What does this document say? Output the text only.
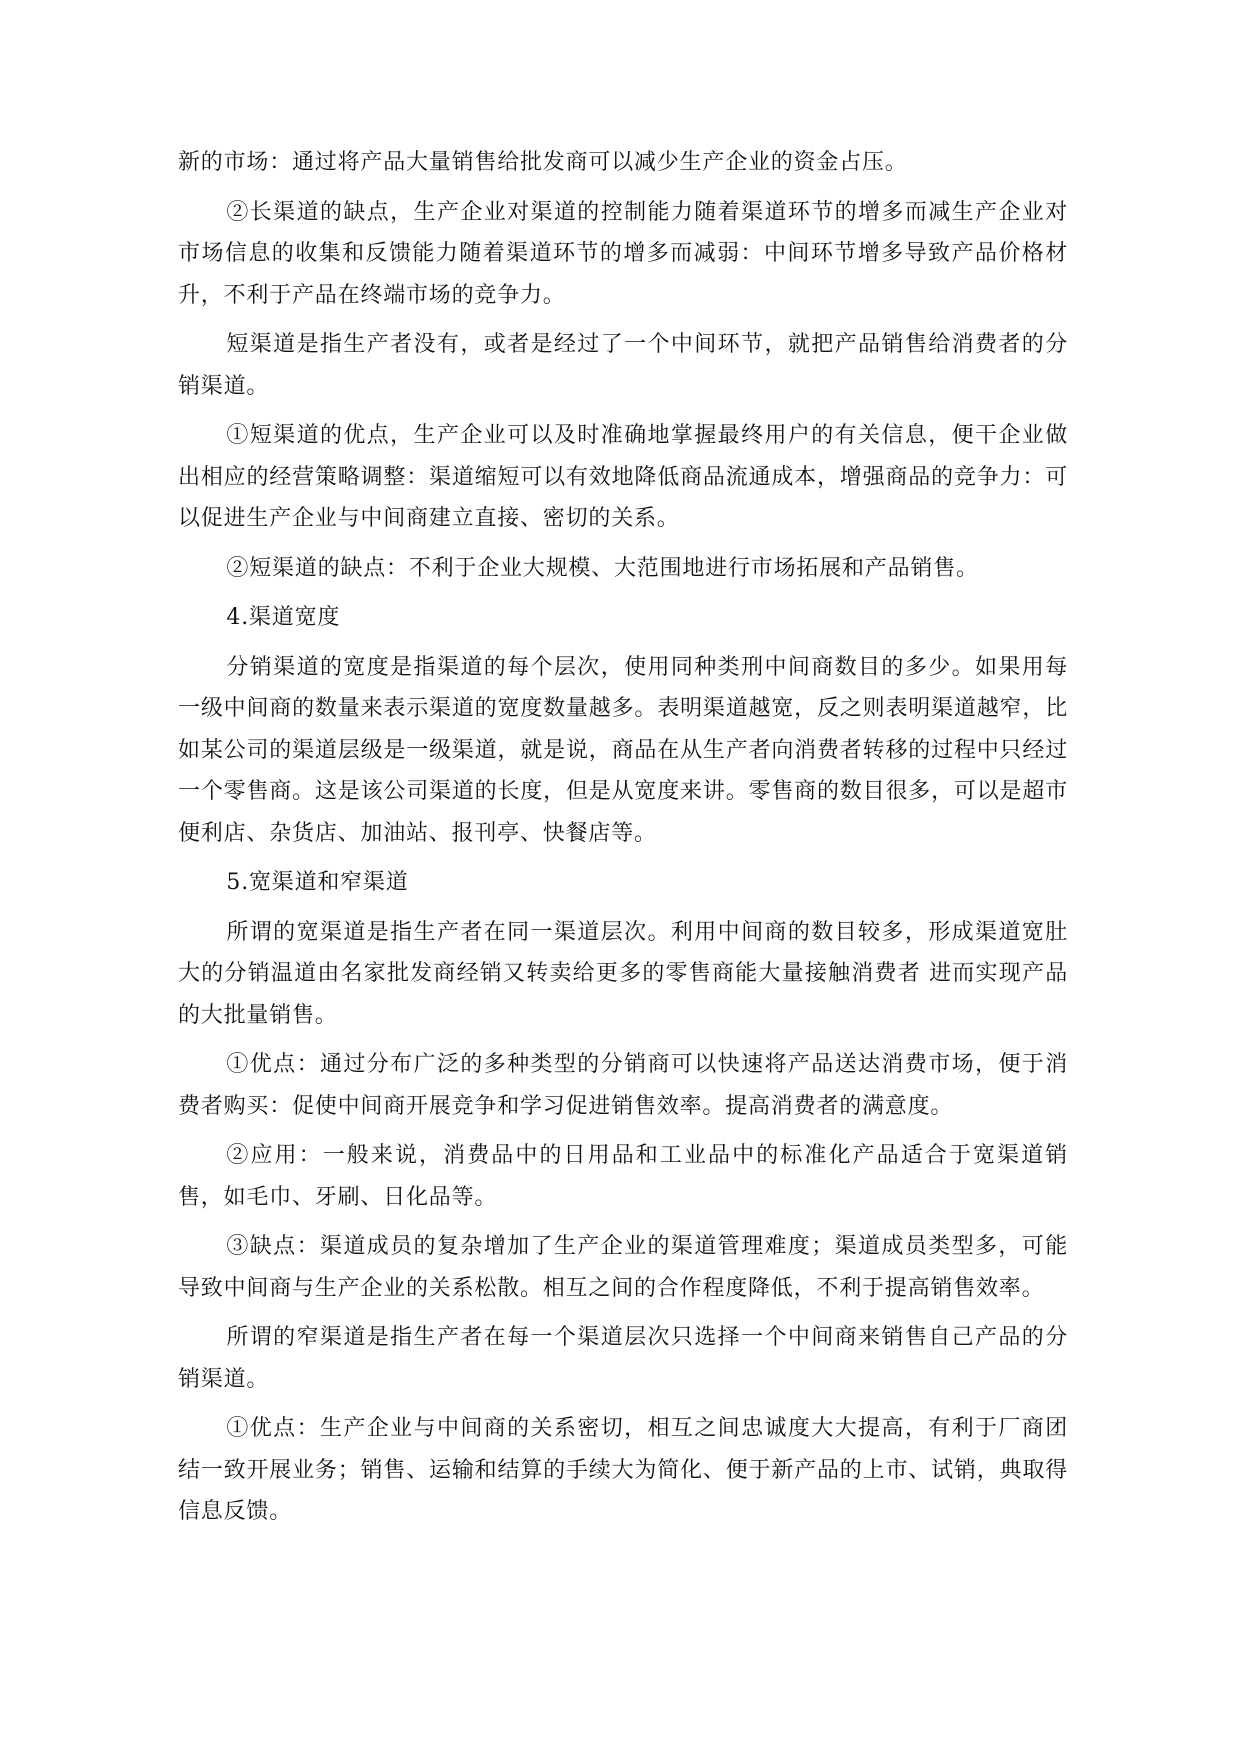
新的市场：通过将产品大量销售给批发商可以减少生产企业的资金占压。

②长渠道的缺点，生产企业对渠道的控制能力随着渠道环节的增多而减生产企业对市场信息的收集和反馈能力随着渠道环节的增多而减弱：中间环节增多导致产品价格材升，不利于产品在终端市场的竞争力。

短渠道是指生产者没有，或者是经过了一个中间环节，就把产品销售给消费者的分销渠道。

①短渠道的优点，生产企业可以及时准确地掌握最终用户的有关信息，便干企业做出相应的经营策略调整：渠道缩短可以有效地降低商品流通成本，增强商品的竞争力：可以促进生产企业与中间商建立直接、密切的关系。

②短渠道的缺点：不利于企业大规模、大范围地进行市场拓展和产品销售。

4.渠道宽度

分销渠道的宽度是指渠道的每个层次，使用同种类刑中间商数目的多少。如果用每一级中间商的数量来表示渠道的宽度数量越多。表明渠道越宽，反之则表明渠道越窄，比如某公司的渠道层级是一级渠道，就是说，商品在从生产者向消费者转移的过程中只经过一个零售商。这是该公司渠道的长度，但是从宽度来讲。零售商的数目很多，可以是超市便利店、杂货店、加油站、报刊亭、快餐店等。

5.宽渠道和窄渠道

所谓的宽渠道是指生产者在同一渠道层次。利用中间商的数目较多，形成渠道宽肚大的分销温道由名家批发商经销又转卖给更多的零售商能大量接触消费者 进而实现产品的大批量销售。

①优点：通过分布广泛的多种类型的分销商可以快速将产品送达消费市场，便于消费者购买：促使中间商开展竞争和学习促进销售效率。提高消费者的满意度。

②应用：一般来说，消费品中的日用品和工业品中的标准化产品适合于宽渠道销售，如毛巾、牙刷、日化品等。

③缺点：渠道成员的复杂增加了生产企业的渠道管理难度；渠道成员类型多，可能导致中间商与生产企业的关系松散。相互之间的合作程度降低，不利于提高销售效率。

所谓的窄渠道是指生产者在每一个渠道层次只选择一个中间商来销售自己产品的分销渠道。

①优点：生产企业与中间商的关系密切，相互之间忠诚度大大提高，有利于厂商团结一致开展业务；销售、运输和结算的手续大为简化、便于新产品的上市、试销，典取得信息反馈。
